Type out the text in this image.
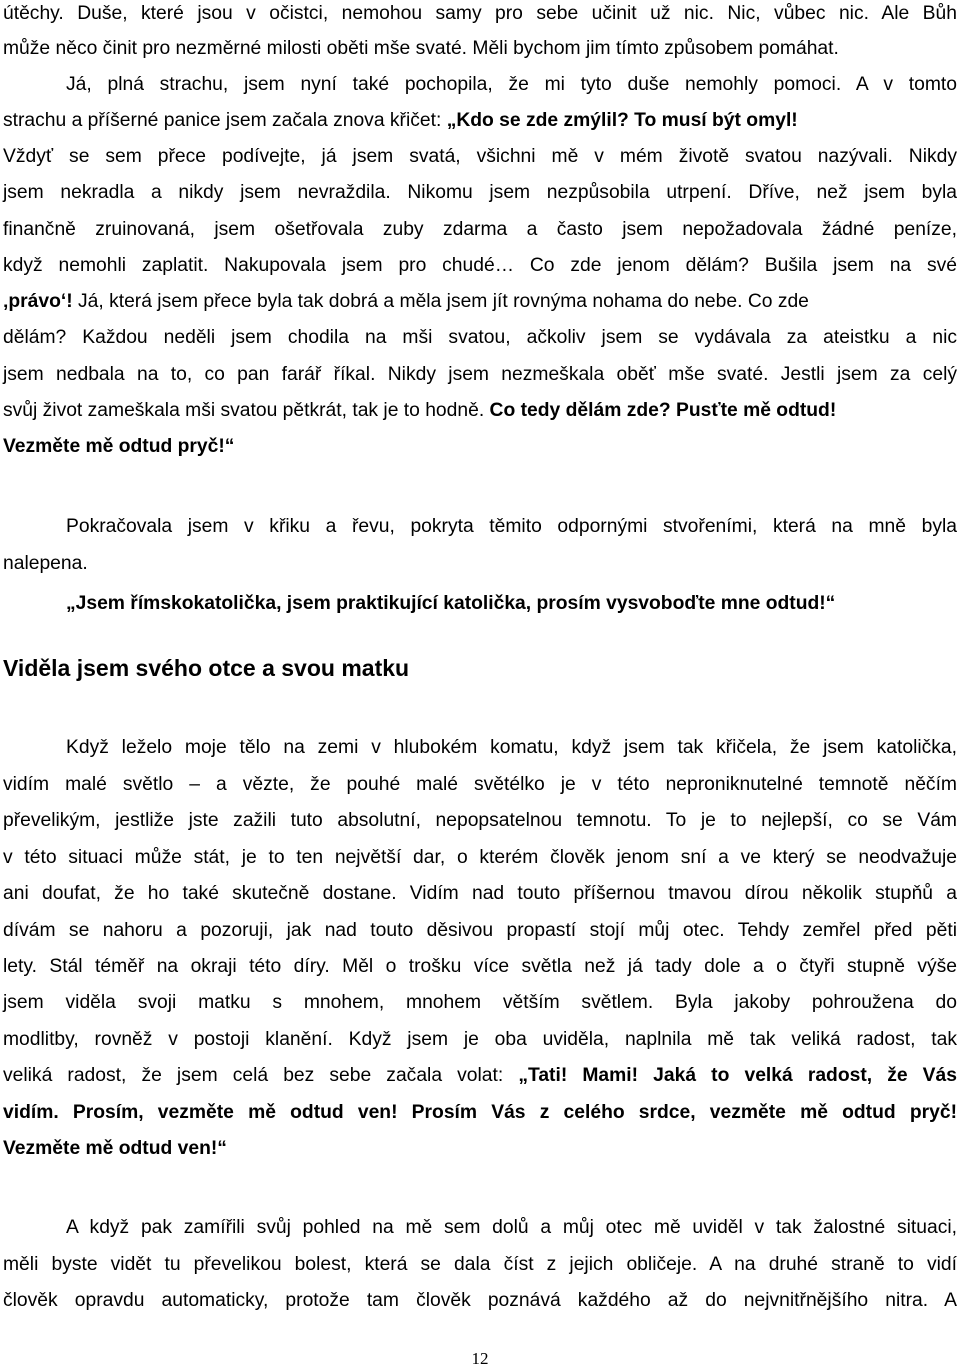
útěchy. Duše, které jsou v očistci, nemohou samy pro sebe učinit už nic. Nic, vůbec nic. Ale Bůh
může něco činit pro nezměrné milosti oběti mše svaté. Měli bychom jim tímto způsobem pomáhat.
Já, plná strachu, jsem nyní také pochopila, že mi tyto duše nemohly pomoci. A v tomto
strachu a příšerné panice jsem začala znova křičet: „Kdo se zde zmýlil? To musí být omyl!
Vždyť se sem přece podívejte, já jsem svatá, všichni mě v mém životě svatou nazývali. Nikdy
jsem nekradla a nikdy jsem nevraždila. Nikomu jsem nezpůsobila utrpení. Dříve, než jsem byla
finančně zruinovaná, jsem ošetřovala zuby zdarma a často jsem nepožadovala žádné peníze,
když nemohli zaplatit. Nakupovala jsem pro chudé… Co zde jenom dělám? Bušila jsem na své
‚právo‘! Já, která jsem přece byla tak dobrá a měla jsem jít rovnýma nohama do nebe. Co zde
dělám? Každou neděli jsem chodila na mši svatou, ačkoliv jsem se vydávala za ateistku a nic
jsem nedbala na to, co pan farář říkal. Nikdy jsem nezmeškala oběť mše svaté. Jestli jsem za celý
svůj život zameškala mši svatou pětkrát, tak je to hodně. Co tedy dělám zde? Pusťte mě odtud!
Vezměte mě odtud pryč!“
Pokračovala jsem v křiku a řevu, pokryta těmito odpornými stvořeními, která na mně byla
nalepena.
„Jsem římskokatolička, jsem praktikující katolička, prosím vysvoboďte mne odtud!“
Viděla jsem svého otce a svou matku
Když leželo moje tělo na zemi v hlubokém komatu, když jsem tak křičela, že jsem katolička,
vidím malé světlo – a vězte, že pouhé malé světélko je v této neproniknutelné temnotě něčím
převelikým, jestliže jste zažili tuto absolutní, nepopsatelnou temnotu. To je to nejlepší, co se Vám
v této situaci může stát, je to ten největší dar, o kterém člověk jenom sní a ve který se neodvažuje
ani doufat, že ho také skutečně dostane. Vidím nad touto příšernou tmavou dírou několik stupňů a
dívám se nahoru a pozoruji, jak nad touto děsivou propastí stojí můj otec. Tehdy zemřel před pěti
lety. Stál téměř na okraji této díry. Měl o trošku více světla než já tady dole a o čtyři stupně výše
jsem viděla svoji matku s mnohem, mnohem větším světlem. Byla jakoby pohroužena do
modlitby, rovněž v postoji klanění. Když jsem je oba uviděla, naplnila mě tak veliká radost, tak
veliká radost, že jsem celá bez sebe začala volat: „Tati! Mami! Jaká to velká radost, že Vás
vidím. Prosím, vezměte mě odtud ven! Prosím Vás z celého srdce, vezměte mě odtud pryč!
Vezměte mě odtud ven!“
A když pak zamířili svůj pohled na mě sem dolů a můj otec mě uviděl v tak žalostné situaci,
měli byste vidět tu převelikou bolest, která se dala číst z jejich obličeje. A na druhé straně to vidí
člověk opravdu automaticky, protože tam člověk poznává každého až do nejvnitřnějšího nitra. A
12
